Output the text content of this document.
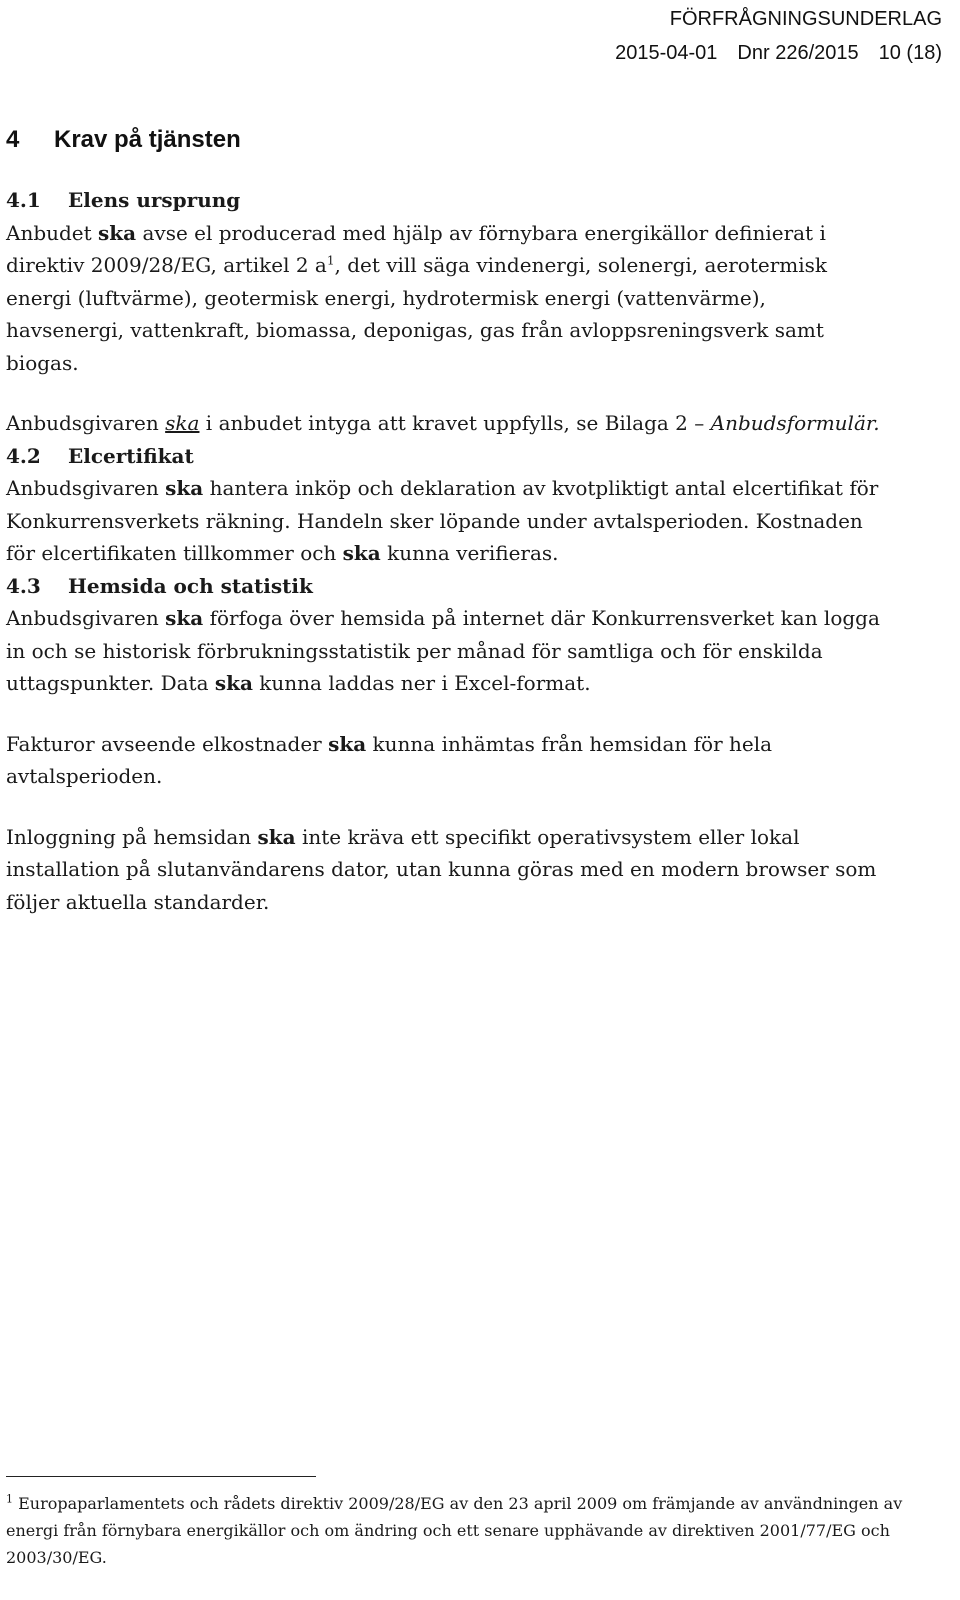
FÖRFRÅGNINGSUNDERLAG
2015-04-01 Dnr 226/2015 10 (18)
4 Krav på tjänsten
4.1 Elens ursprung

Anbudet ska avse el producerad med hjälp av förnybara energikällor definierat i direktiv 2009/28/EG, artikel 2 $a^1$, det vill säga vindenergi, solenergi, aerotermisk energi (luftvärme), geotermisk energi, hydrotermisk energi (vattenvärme), havsenergi, vattenkraft, biomassa, deponigas, gas från avloppsreningsverk samt biogas.

Anbudsgivaren ska i anbudet intyga att kravet uppfylls, se Bilaga 2 – Anbudsformulär.

4.2 Elcertifikat

Anbudsgivaren ska hantera inköp och deklaration av kvotpliktigt antal elcertifikat för Konkurrensverkets räkning. Handeln sker löpande under avtalsperioden. Kostnaden för elcertifikaten tillkommer och ska kunna verifieras.

4.3 Hemsida och statistik

Anbudsgivaren ska förfoga över hemsida på internet där Konkurrensverket kan logga in och se historisk förbrukningsstatistik per månad för samtliga och för enskilda uttagspunkter. Data ska kunna laddas ner i Excel-format.

Fakturor avseende elkostnader ska kunna inhämtas från hemsidan för hela avtalsperioden.

Inloggning på hemsidan ska inte kräva ett specifikt operativsystem eller lokal installation på slutanvändarens dator, utan kunna göras med en modern browser som följer aktuella standarder.

$^1$ Europaparlamentets och rådets direktiv 2009/28/EG av den 23 april 2009 om främjande av användningen av energi från förnybara energikällor och om ändring och ett senare upphävande av direktiven 2001/77/EG och 2003/30/EG.
